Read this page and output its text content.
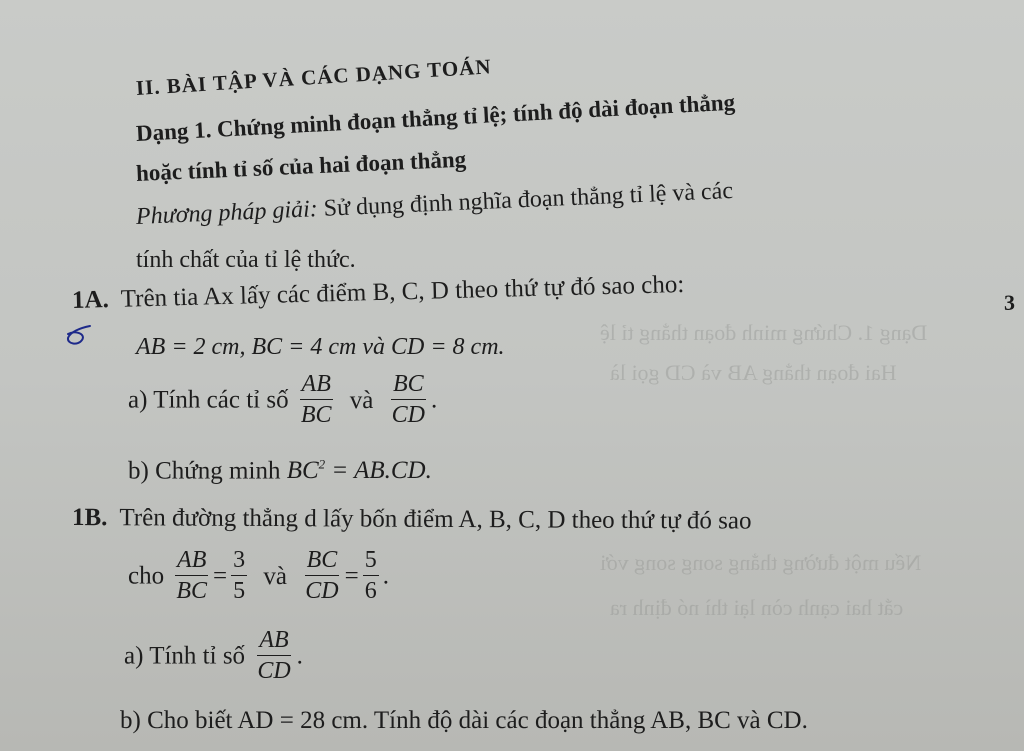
Dạng 1. Chứng minh đoạn thẳng tỉ lệ
Hai đoạn thẳng AB và CD gọi là
Nếu một đường thẳng song song với
cắt hai cạnh còn lại thì nó định ra
II. BÀI TẬP VÀ CÁC DẠNG TOÁN
Dạng 1. Chứng minh đoạn thẳng tỉ lệ; tính độ dài đoạn thẳng
hoặc tính tỉ số của hai đoạn thẳng
Phương pháp giải: Sử dụng định nghĩa đoạn thẳng tỉ lệ và các
tính chất của tỉ lệ thức.
1A. Trên tia Ax lấy các điểm B, C, D theo thứ tự đó sao cho:
AB = 2 cm, BC = 4 cm và CD = 8 cm.
a) Tính các tỉ số $\frac{AB}{BC}$ và $\frac{BC}{CD}$ .
b) Chứng minh $BC^2 = AB.CD$.
1B. Trên đường thẳng d lấy bốn điểm A, B, C, D theo thứ tự đó sao
cho $\frac{AB}{BC} = \frac{3}{5}$ và $\frac{BC}{CD} = \frac{5}{6}$ .
a) Tính tỉ số $\frac{AB}{CD}$ .
b) Cho biết AD = 28 cm. Tính độ dài các đoạn thẳng AB, BC và CD.
3
